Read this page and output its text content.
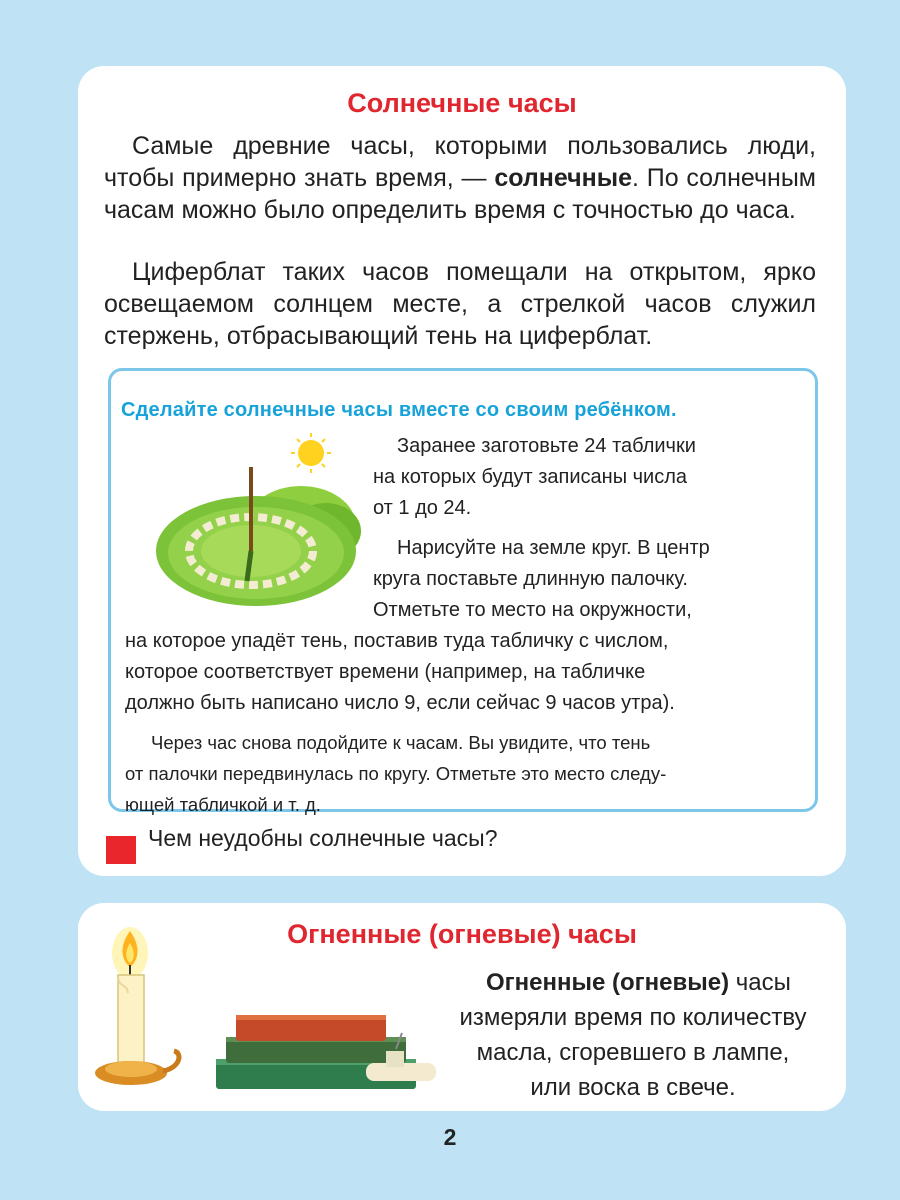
Солнечные часы

Самые древние часы, которыми пользовались люди, чтобы примерно знать время, — солнечные. По солнечным часам можно было определить время с точностью до часа.

Циферблат таких часов помещали на открытом, ярко освещаемом солнцем месте, а стрелкой часов служил стержень, отбрасывающий тень на циферблат.

Сделайте солнечные часы вместе со своим ребёнком.

Заранее заготовьте 24 таблички

на которых будут записаны числа

от 1 до 24.

Нарисуйте на земле круг. В центр

круга поставьте длинную палочку.

Отметьте то место на окружности,

на которое упадёт тень, поставив туда табличку с числом,

которое соответствует времени (например, на табличке

должно быть написано число 9, если сейчас 9 часов утра).

Через час снова подойдите к часам. Вы увидите, что тень

от палочки передвинулась по кругу. Отметьте это место следу-

ющей табличкой и т. д.

Чем неудобны солнечные часы?

Огненные (огневые) часы

Огненные (огневые) часы

измеряли время по количеству

масла, сгоревшего в лампе,

или воска в свече.

2
